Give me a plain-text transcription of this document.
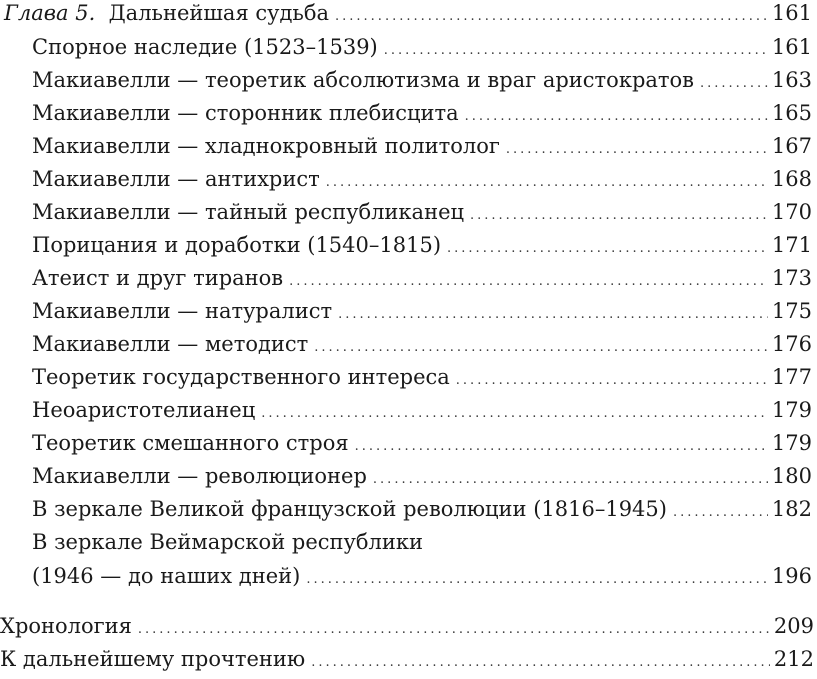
Глава 5. Дальнейшая судьба .....	161
Спорное наследие (1523–1539) .....	161
Макиавелли — теоретик абсолютизма и враг аристократов .....	163
Макиавелли — сторонник плебисцита .....	165
Макиавелли — хладнокровный политолог .....	167
Макиавелли — антихрист .....	168
Макиавелли — тайный республиканец .....	170
Порицания и доработки (1540–1815) .....	171
Атеист и друг тиранов .....	173
Макиавелли — натуралист .....	175
Макиавелли — методист .....	176
Теоретик государственного интереса .....	177
Неоаристотелианец .....	179
Теоретик смешанного строя .....	179
Макиавелли — революционер .....	180
В зеркале Великой французской революции (1816–1945) .....	182
В зеркале Веймарской республики
(1946 — до наших дней) .....	196
Хронология .....	209
К дальнейшему прочтению .....	212
